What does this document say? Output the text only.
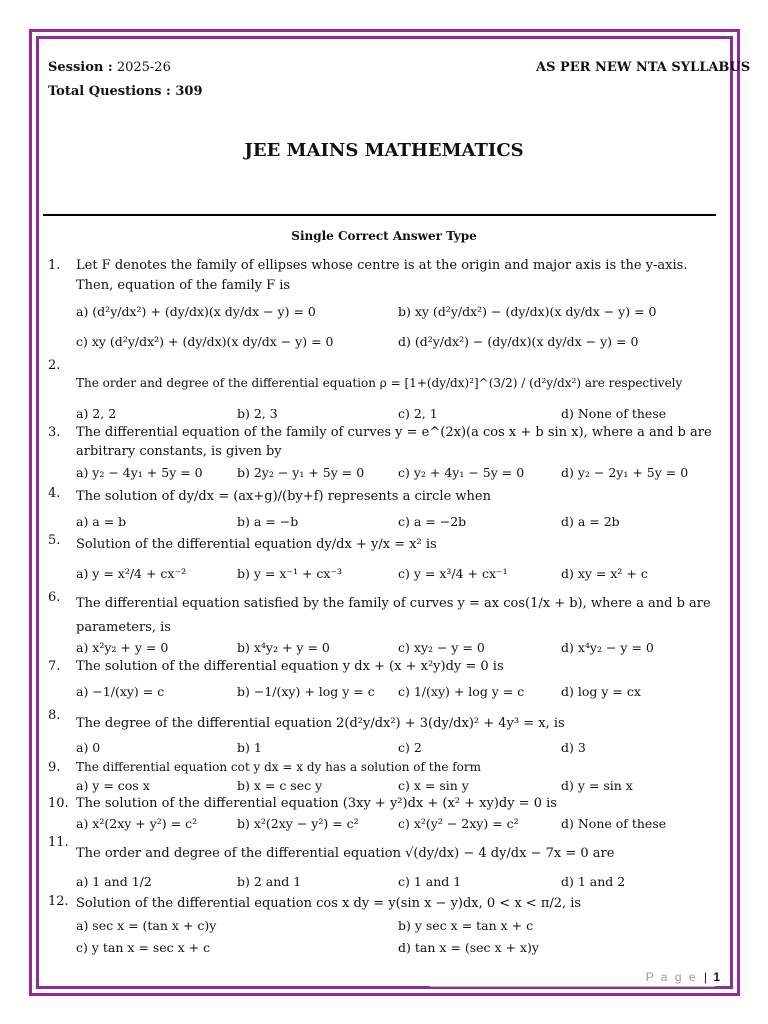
Session : 2025-26	AS PER NEW NTA SYLLABUS
Total Questions : 309
JEE MAINS MATHEMATICS
Single Correct Answer Type
1. Let F denotes the family of ellipses whose centre is at the origin and major axis is the y-axis.
Then, equation of the family F is
a) (d²y/dx²) + (dy/dx)(x dy/dx − y) = 0	b) xy (d²y/dx²) − (dy/dx)(x dy/dx − y) = 0
c) xy (d²y/dx²) + (dy/dx)(x dy/dx − y) = 0	d) (d²y/dx²) − (dy/dx)(x dy/dx − y) = 0
2.
The order and degree of the differential equation ρ = [1+(dy/dx)²]^(3/2) / (d²y/dx²) are respectively
a) 2, 2	b) 2, 3	c) 2, 1	d) None of these
3. The differential equation of the family of curves y = e^(2x)(a cos x + b sin x), where a and b are
arbitrary constants, is given by
a) y₂ − 4y₁ + 5y = 0	b) 2y₂ − y₁ + 5y = 0	c) y₂ + 4y₁ − 5y = 0	d) y₂ − 2y₁ + 5y = 0
4. The solution of dy/dx = (ax+g)/(by+f) represents a circle when
a) a = b	b) a = −b	c) a = −2b	d) a = 2b
5. Solution of the differential equation dy/dx + y/x = x² is
a) y = x²/4 + cx⁻²	b) y = x⁻¹ + cx⁻³	c) y = x³/4 + cx⁻¹	d) xy = x² + c
6. The differential equation satisfied by the family of curves y = ax cos(1/x + b), where a and b are
parameters, is
a) x²y₂ + y = 0	b) x⁴y₂ + y = 0	c) xy₂ − y = 0	d) x⁴y₂ − y = 0
7. The solution of the differential equation y dx + (x + x²y)dy = 0 is
a) −1/(xy) = c	b) −1/(xy) + log y = c c) 1/(xy) + log y = c	d) log y = cx
8.
The degree of the differential equation 2(d²y/dx²) + 3(dy/dx)² + 4y³ = x, is
a) 0	b) 1	c) 2	d) 3
9. The differential equation cot y dx = x dy has a solution of the form
a) y = cos x	b) x = c sec y	c) x = sin y	d) y = sin x
10. The solution of the differential equation (3xy + y²)dx + (x² + xy)dy = 0 is
a) x²(2xy + y²) = c²	b) x²(2xy − y²) = c²	c) x²(y² − 2xy) = c²	d) None of these
11.
The order and degree of the differential equation √(dy/dx) − 4 dy/dx − 7x = 0 are
a) 1 and 1/2	b) 2 and 1	c) 1 and 1	d) 1 and 2
12. Solution of the differential equation cos x dy = y(sin x − y)dx, 0 < x < π/2, is
a) sec x = (tan x + c)y	b) y sec x = tan x + c
c) y tan x = sec x + c	d) tan x = (sec x + x)y
P a g e | 1
